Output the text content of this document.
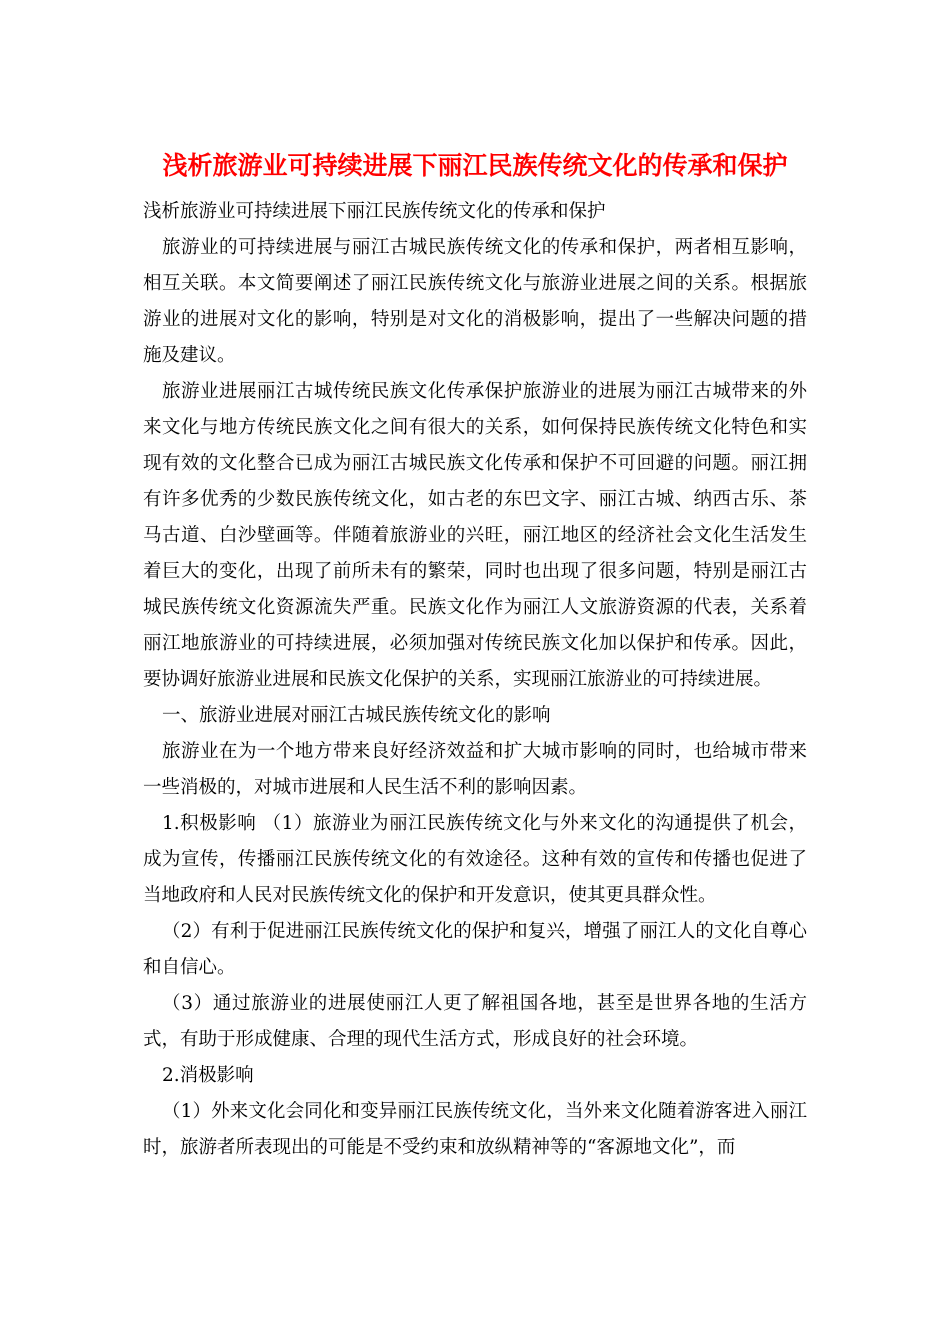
浅析旅游业可持续进展下丽江民族传统文化的传承和保护

浅析旅游业可持续进展下丽江民族传统文化的传承和保护

旅游业的可持续进展与丽江古城民族传统文化的传承和保护，两者相互影响，相互关联。本文简要阐述了丽江民族传统文化与旅游业进展之间的关系。根据旅游业的进展对文化的影响，特别是对文化的消极影响，提出了一些解决问题的措施及建议。

旅游业进展丽江古城传统民族文化传承保护旅游业的进展为丽江古城带来的外来文化与地方传统民族文化之间有很大的关系，如何保持民族传统文化特色和实现有效的文化整合已成为丽江古城民族文化传承和保护不可回避的问题。丽江拥有许多优秀的少数民族传统文化，如古老的东巴文字、丽江古城、纳西古乐、茶马古道、白沙壁画等。伴随着旅游业的兴旺，丽江地区的经济社会文化生活发生着巨大的变化，出现了前所未有的繁荣，同时也出现了很多问题，特别是丽江古城民族传统文化资源流失严重。民族文化作为丽江人文旅游资源的代表，关系着丽江地旅游业的可持续进展，必须加强对传统民族文化加以保护和传承。因此，要协调好旅游业进展和民族文化保护的关系，实现丽江旅游业的可持续进展。

一、旅游业进展对丽江古城民族传统文化的影响

旅游业在为一个地方带来良好经济效益和扩大城市影响的同时，也给城市带来一些消极的，对城市进展和人民生活不利的影响因素。

1.积极影响 （1）旅游业为丽江民族传统文化与外来文化的沟通提供了机会，成为宣传，传播丽江民族传统文化的有效途径。这种有效的宣传和传播也促进了当地政府和人民对民族传统文化的保护和开发意识，使其更具群众性。

（2）有利于促进丽江民族传统文化的保护和复兴，增强了丽江人的文化自尊心和自信心。

（3）通过旅游业的进展使丽江人更了解祖国各地，甚至是世界各地的生活方式，有助于形成健康、合理的现代生活方式，形成良好的社会环境。

2.消极影响

（1）外来文化会同化和变异丽江民族传统文化，当外来文化随着游客进入丽江时，旅游者所表现出的可能是不受约束和放纵精神等的“客源地文化”，而
